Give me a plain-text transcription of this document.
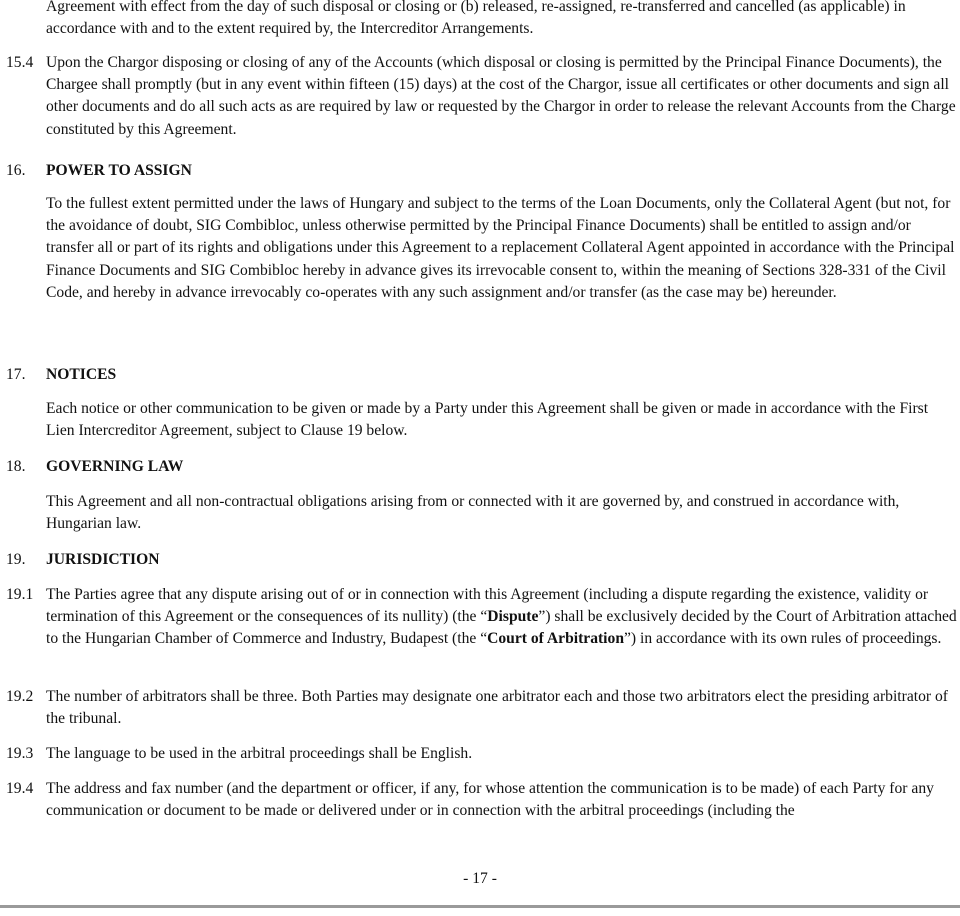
Agreement with effect from the day of such disposal or closing or (b) released, re-assigned, re-transferred and cancelled (as applicable) in accordance with and to the extent required by, the Intercreditor Arrangements.
15.4 Upon the Chargor disposing or closing of any of the Accounts (which disposal or closing is permitted by the Principal Finance Documents), the Chargee shall promptly (but in any event within fifteen (15) days) at the cost of the Chargor, issue all certificates or other documents and sign all other documents and do all such acts as are required by law or requested by the Chargor in order to release the relevant Accounts from the Charge constituted by this Agreement.
16. POWER TO ASSIGN
To the fullest extent permitted under the laws of Hungary and subject to the terms of the Loan Documents, only the Collateral Agent (but not, for the avoidance of doubt, SIG Combibloc, unless otherwise permitted by the Principal Finance Documents) shall be entitled to assign and/or transfer all or part of its rights and obligations under this Agreement to a replacement Collateral Agent appointed in accordance with the Principal Finance Documents and SIG Combibloc hereby in advance gives its irrevocable consent to, within the meaning of Sections 328-331 of the Civil Code, and hereby in advance irrevocably co-operates with any such assignment and/or transfer (as the case may be) hereunder.
17. NOTICES
Each notice or other communication to be given or made by a Party under this Agreement shall be given or made in accordance with the First Lien Intercreditor Agreement, subject to Clause 19 below.
18. GOVERNING LAW
This Agreement and all non-contractual obligations arising from or connected with it are governed by, and construed in accordance with, Hungarian law.
19. JURISDICTION
19.1 The Parties agree that any dispute arising out of or in connection with this Agreement (including a dispute regarding the existence, validity or termination of this Agreement or the consequences of its nullity) (the “Dispute”) shall be exclusively decided by the Court of Arbitration attached to the Hungarian Chamber of Commerce and Industry, Budapest (the “Court of Arbitration”) in accordance with its own rules of proceedings.
19.2 The number of arbitrators shall be three. Both Parties may designate one arbitrator each and those two arbitrators elect the presiding arbitrator of the tribunal.
19.3 The language to be used in the arbitral proceedings shall be English.
19.4 The address and fax number (and the department or officer, if any, for whose attention the communication is to be made) of each Party for any communication or document to be made or delivered under or in connection with the arbitral proceedings (including the
- 17 -
